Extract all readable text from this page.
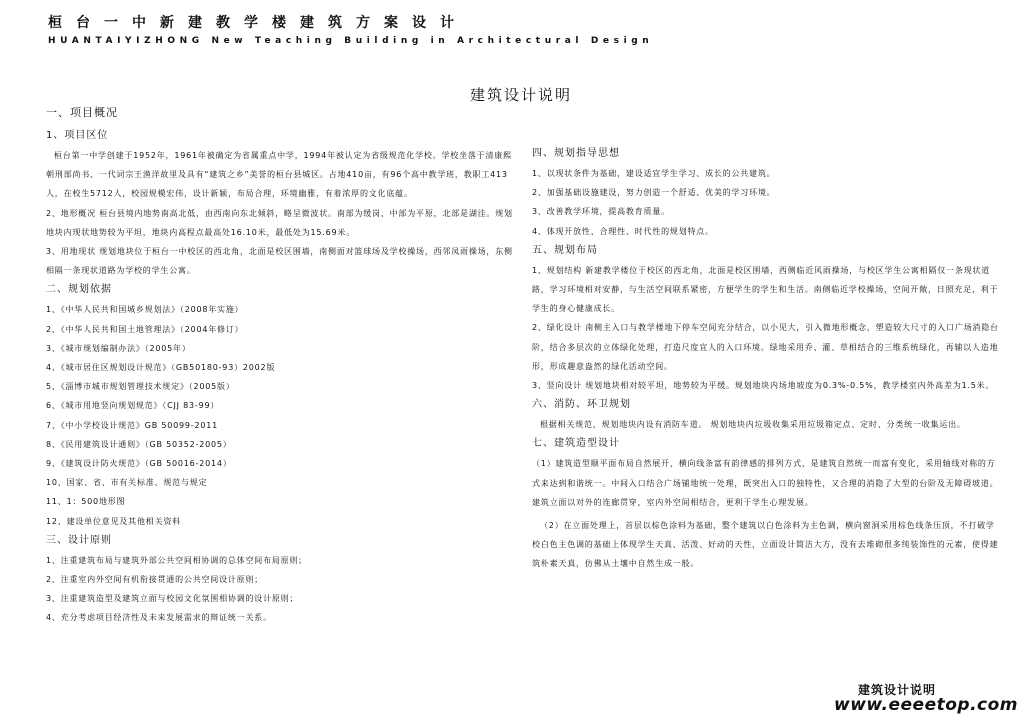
桓台一中新建教学楼建筑方案设计
HUANTAIYIZHONG New Teaching Building in Architectural Design
建筑设计说明
一、项目概况
1、项目区位
桓台第一中学创建于1952年，1961年被确定为省属重点中学，1994年被认定为省级规范化学校。学校坐落于清康熙朝刑部尚书、一代词宗王渔洋故里及具有“建筑之乡”美誉的桓台县城区。占地410亩，有96个高中教学班，教职工413人，在校生5712人，校园规模宏伟，设计新颖，布局合理，环境幽雅，有着浓厚的文化底蕴。
2、地形概况 桓台县境内地势南高北低，由西南向东北倾斜，略呈微波状。南部为缓岗，中部为平原，北部是湖洼。规划地块内现状地势较为平坦，地块内高程点最高处16.10米，最低处为15.69米。
3、用地现状 规划地块位于桓台一中校区的西北角，北面是校区围墙，南侧面对篮球场及学校操场，西邻凤雨操场，东侧相隔一条现状道路为学校的学生公寓。
二、规划依据
1、《中华人民共和国城乡规划法》（2008年实施）
2、《中华人民共和国土地管理法》（2004年修订）
3、《城市规划编制办法》（2005年）
4、《城市居住区规划设计规范》（GB50180-93）2002版
5、《淄博市城市规划管理技术规定》（2005版）
6、《城市用地竖向规划规范》（CJJ 83-99）
7、《中小学校设计规范》GB 50099-2011
8、《民用建筑设计通则》（GB 50352-2005）
9、《建筑设计防火规范》（GB 50016-2014）
10、国家、省、市有关标准、规范与规定
11、1：500地形图
12、建设单位意见及其他相关资料
三、设计原则
1、注重建筑布局与建筑外部公共空间相协调的总体空间布局原则；
2、注重室内外空间有机衔接贯通的公共空间设计原则；
3、注重建筑造型及建筑立面与校园文化氛围相协调的设计原则；
4、充分考虑项目经济性及未来发展需求的辩证统一关系。
四、规划指导思想
1、以现状条件为基础，建设适宜学生学习、成长的公共建筑。
2、加强基础设施建设，努力创造一个舒适、优美的学习环境。
3、改善教学环境，提高教育质量。
4、体现开放性、合理性、时代性的规划特点。
五、规划布局
1、规划结构 新建教学楼位于校区的西北角，北面是校区围墙，西侧临近风雨操场，与校区学生公寓相隔仅一条现状道路，学习环境相对安静，与生活空间联系紧密，方便学生的学生和生活。南侧临近学校操场，空间开敞，日照充足，利于学生的身心健康成长。
2、绿化设计 南侧主入口与教学楼地下停车空间充分结合，以小见大，引入微地形概念，塑造较大尺寸的入口广场消隐台阶，结合多层次的立体绿化处理，打造尺度宜人的入口环境。绿地采用乔、灌、草相结合的三维系统绿化，再辅以人造地形，形成趣意盎然的绿化活动空间。
3、竖向设计 规划地块相对较平坦，地势较为平缓。规划地块内场地坡度为0.3%-0.5%，教学楼室内外高差为1.5米。
六、消防、环卫规划
根据相关规范，规划地块内设有消防车道。 规划地块内垃圾收集采用垃圾箱定点、定时、分类统一收集运出。
七、建筑造型设计
（1）建筑造型顺平面布局自然展开，横向线条富有韵律感的排列方式，是建筑自然统一而富有变化，采用轴线对称的方式来达到和谐统一。中间入口结合广场铺地统一处理，既突出入口的独特性，又合理的消隐了大型的台阶及无障碍坡道。建筑立面以对外的连廊贯穿，室内外空间相结合，更利于学生心理发展。
（2）在立面处理上，首层以棕色涂料为基础，整个建筑以白色涂料为主色调，横向窗洞采用棕色线条压顶，不打破学校白色主色调的基础上体现学生天真、活泼、好动的天性，立面设计简洁大方，没有去堆砌很多纯装饰性的元素，使得建筑朴素天真，仿佛从土壤中自然生成一般。
建筑设计说明
www.eeeetop.com
